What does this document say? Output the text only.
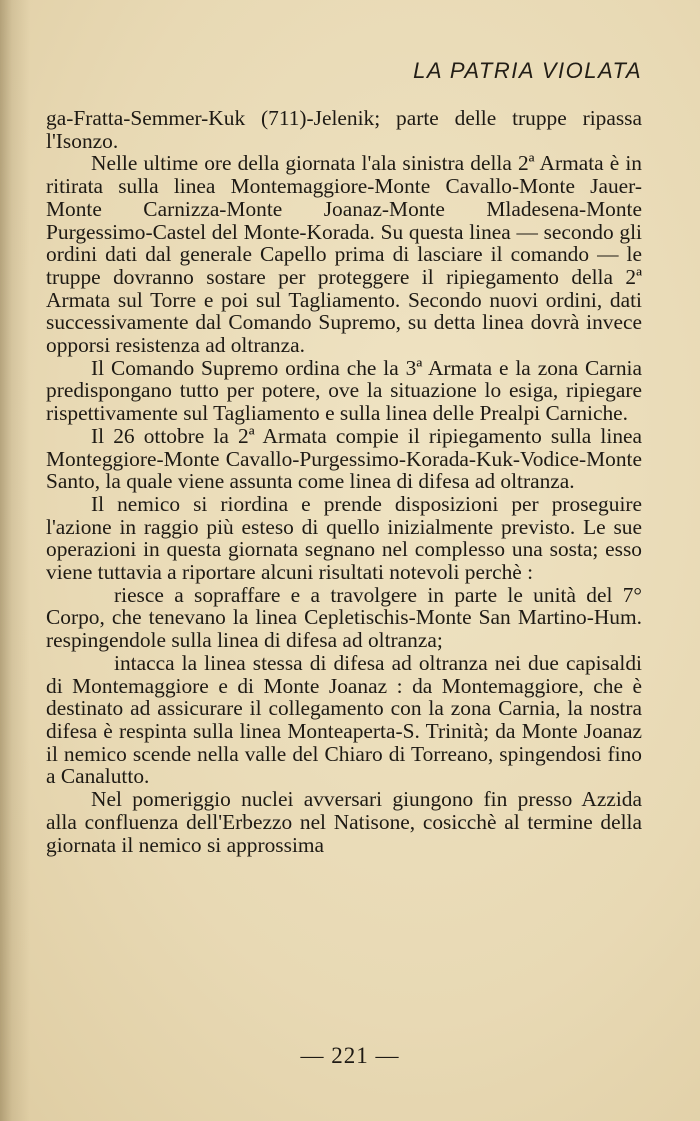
LA PATRIA VIOLATA

ga-Fratta-Semmer-Kuk (711)-Jelenik; parte delle truppe ripassa l'Isonzo.

Nelle ultime ore della giornata l'ala sinistra della 2ª Armata è in ritirata sulla linea Montemaggiore-Monte Cavallo-Monte Jauer-Monte Carnizza-Monte Joanaz-Monte Mladesena-Monte Purgessimo-Castel del Monte-Korada. Su questa linea — secondo gli ordini dati dal generale Capello prima di lasciare il comando — le truppe dovranno sostare per proteggere il ripiegamento della 2ª Armata sul Torre e poi sul Tagliamento. Secondo nuovi ordini, dati successivamente dal Comando Supremo, su detta linea dovrà invece opporsi resistenza ad oltranza.

Il Comando Supremo ordina che la 3ª Armata e la zona Carnia predispongano tutto per potere, ove la situazione lo esiga, ripiegare rispettivamente sul Tagliamento e sulla linea delle Prealpi Carniche.

Il 26 ottobre la 2ª Armata compie il ripiegamento sulla linea Monteggiore-Monte Cavallo-Purgessimo-Korada-Kuk-Vodice-Monte Santo, la quale viene assunta come linea di difesa ad oltranza.

Il nemico si riordina e prende disposizioni per proseguire l'azione in raggio più esteso di quello inizialmente previsto. Le sue operazioni in questa giornata segnano nel complesso una sosta; esso viene tuttavia a riportare alcuni risultati notevoli perchè :

riesce a sopraffare e a travolgere in parte le unità del 7° Corpo, che tenevano la linea Cepletischis-Monte San Martino-Hum. respingendole sulla linea di difesa ad oltranza;

intacca la linea stessa di difesa ad oltranza nei due capisaldi di Montemaggiore e di Monte Joanaz : da Montemaggiore, che è destinato ad assicurare il collegamento con la zona Carnia, la nostra difesa è respinta sulla linea Monteaperta-S. Trinità; da Monte Joanaz il nemico scende nella valle del Chiaro di Torreano, spingendosi fino a Canalutto.

Nel pomeriggio nuclei avversari giungono fin presso Azzida alla confluenza dell'Erbezzo nel Natisone, cosicchè al termine della giornata il nemico si approssima

— 221 —
